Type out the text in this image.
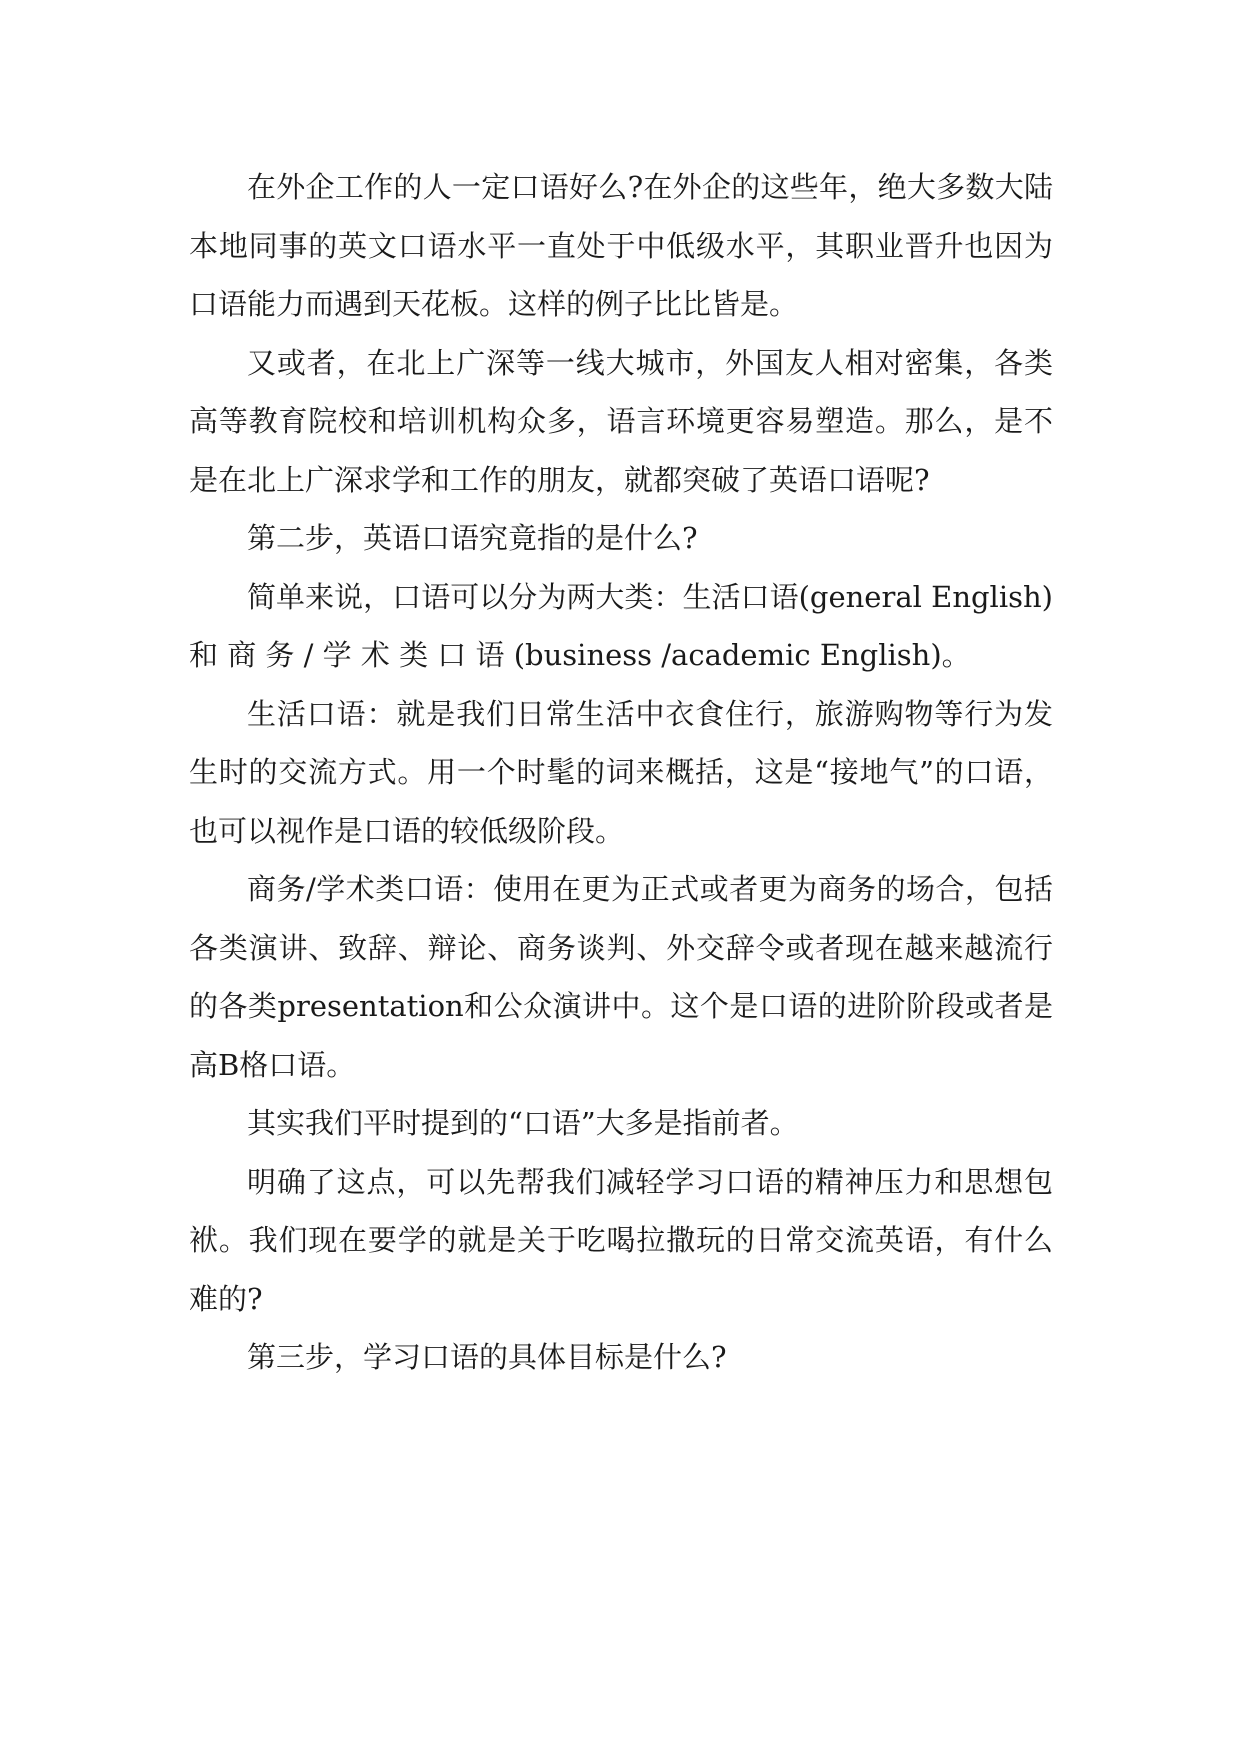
在外企工作的人一定口语好么?在外企的这些年，绝大多数大陆本地同事的英文口语水平一直处于中低级水平，其职业晋升也因为口语能力而遇到天花板。这样的例子比比皆是。

又或者，在北上广深等一线大城市，外国友人相对密集，各类高等教育院校和培训机构众多，语言环境更容易塑造。那么，是不是在北上广深求学和工作的朋友，就都突破了英语口语呢?

第二步，英语口语究竟指的是什么?

简单来说，口语可以分为两大类：生活口语(general English) 和 商 务 / 学 术 类 口 语 (business /academic English)。

生活口语：就是我们日常生活中衣食住行，旅游购物等行为发生时的交流方式。用一个时髦的词来概括，这是“接地气”的口语，也可以视作是口语的较低级阶段。

商务/学术类口语：使用在更为正式或者更为商务的场合，包括各类演讲、致辞、辩论、商务谈判、外交辞令或者现在越来越流行的各类presentation和公众演讲中。这个是口语的进阶阶段或者是高B格口语。

其实我们平时提到的“口语”大多是指前者。

明确了这点，可以先帮我们减轻学习口语的精神压力和思想包袱。我们现在要学的就是关于吃喝拉撒玩的日常交流英语，有什么难的?

第三步，学习口语的具体目标是什么?
